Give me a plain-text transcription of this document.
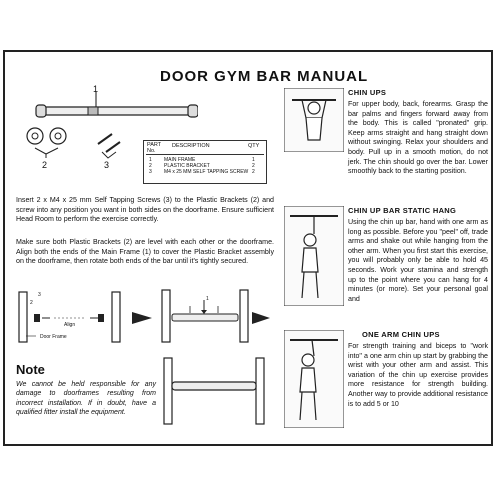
DOOR GYM BAR MANUAL
1
2	3
PART
No.
DESCRIPTION	QTY
1 MAIN FRAME	1
2 PLASTIC BRACKET	2
3 M4 x 25 MM SELF TAPPING SCREW 2
Insert 2 x M4 x 25 mm Self Tapping Screws (3) to the Plastic Brackets (2) and screw into any position you want in both sides on the doorframe. Ensure sufficient Head Room to perform the exercise correctly.
Make sure both Plastic Brackets (2) are level with each other or the doorframe. Align both the ends of the Main Frame (1) to cover the Plastic Bracket assembly on the doorframe, then rotate both ends of the bar until it's tightly secured.
3
2
Align
Door Frame
1
Note
We cannot be held responsible for any damage to doorframes resulting from incorrect installation. If in doubt, have a qualified fitter install the equipment.
CHIN UPS
For upper body, back, forearms. Grasp the bar palms and fingers forward away from the body. This is called "pronated" grip. Keep arms straight and hang straight down without swinging. Relax your shoulders and body. Pull up in a smooth motion, do not jerk. The chin should go over the bar. Lower smoothly back to the starting position.
CHIN UP BAR STATIC HANG
Using the chin up bar, hand with one arm as long as possible. Before you "peel" off, trade arms and shake out while hanging from the other arm. When you first start this exercise, you will probably only be able to hold 45 seconds. Work your stamina and strength up to the point where you can hang for 4 minutes (or more). Set your personal goal and
ONE ARM CHIN UPS
For strength training and biceps to "work into" a one arm chin up start by grabbing the wrist with your other arm and assist. This variation of the chin up exercise provides more resistance for strength building. Another way to provide additional resistance is to add 5 or 10
